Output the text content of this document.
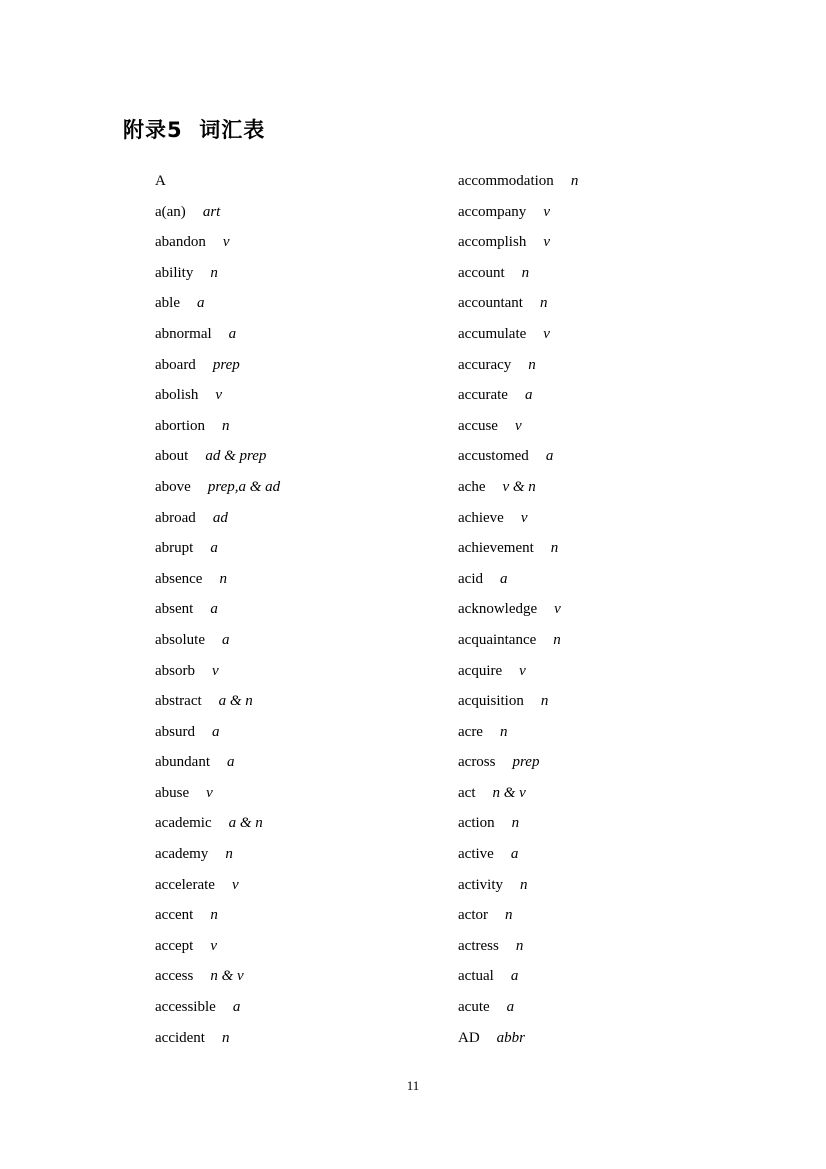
附录5  词汇表
A
a(an) art
abandon v
ability n
able a
abnormal a
aboard prep
abolish v
abortion n
about ad & prep
above prep,a & ad
abroad ad
abrupt a
absence n
absent a
absolute a
absorb v
abstract a & n
absurd a
abundant a
abuse v
academic a & n
academy n
accelerate v
accent n
accept v
access n & v
accessible a
accident n
accommodation n
accompany v
accomplish v
account n
accountant n
accumulate v
accuracy n
accurate a
accuse v
accustomed a
ache v & n
achieve v
achievement n
acid a
acknowledge v
acquaintance n
acquire v
acquisition n
acre n
across prep
act n & v
action n
active a
activity n
actor n
actress n
actual a
acute a
AD abbr
11
